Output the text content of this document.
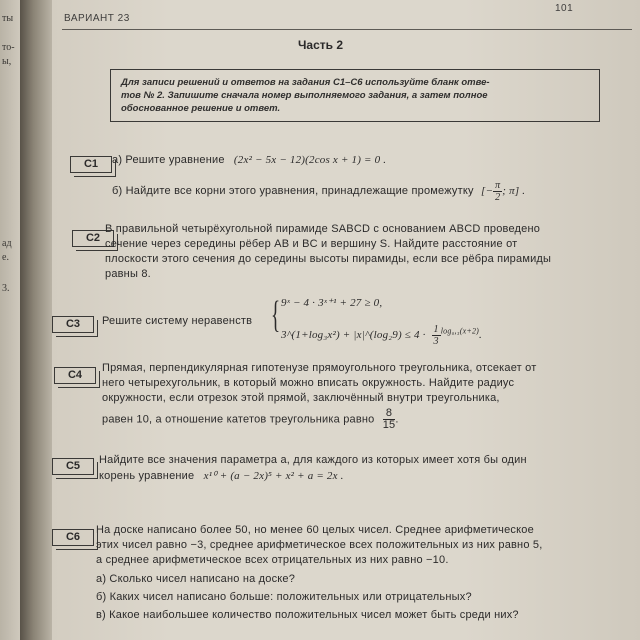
ты
то-
ы,
ад
е.
3.
ВАРИАНТ 23
101
Часть 2
Для записи решений и ответов на задания С1–С6 используйте бланк отве-
тов № 2. Запишите сначала номер выполняемого задания, а затем полное
обоснованное решение и ответ.
С1	а) Решите уравнение (2x² − 5x − 12)(2cos x + 1) = 0 .
б) Найдите все корни этого уравнения, принадлежащие промежутку [− $\frac{\pi}{2}$ ; π] .
С2
В правильной четырёхугольной пирамиде SABCD с основанием ABCD проведено
сечение через середины рёбер AB и BC и вершину S. Найдите расстояние от
плоскости этого сечения до середины высоты пирамиды, если все рёбра пирамиды
равны 8.
С3	Решите систему неравенств { 9ˣ − 4 · 3ˣ⁺¹ + 27 ≥ 0,
3^(1+log₃x²) + |x|^(log₂9) ≤ $4 \cdot \frac{1}{3} ^{log_0,_3(x+2)}$.
С4
Прямая, перпендикулярная гипотенузе прямоугольного треугольника, отсекает от
него четырехугольник, в который можно вписать окружность. Найдите радиус
окружности, если отрезок этой прямой, заключённый внутри треугольника,
равен 10, а отношение катетов треугольника равно $\frac{8}{15}$ .
С5	Найдите все значения параметра a, для каждого из которых имеет хотя бы один
корень уравнение x¹⁰ + (a − 2x)⁵ + x² + a = 2x .
С6
На доске написано более 50, но менее 60 целых чисел. Среднее арифметическое
этих чисел равно −3, среднее арифметическое всех положительных из них равно 5,
а среднее арифметическое всех отрицательных из них равно −10.
а) Сколько чисел написано на доске?
б) Каких чисел написано больше: положительных или отрицательных?
в) Какое наибольшее количество положительных чисел может быть среди них?
